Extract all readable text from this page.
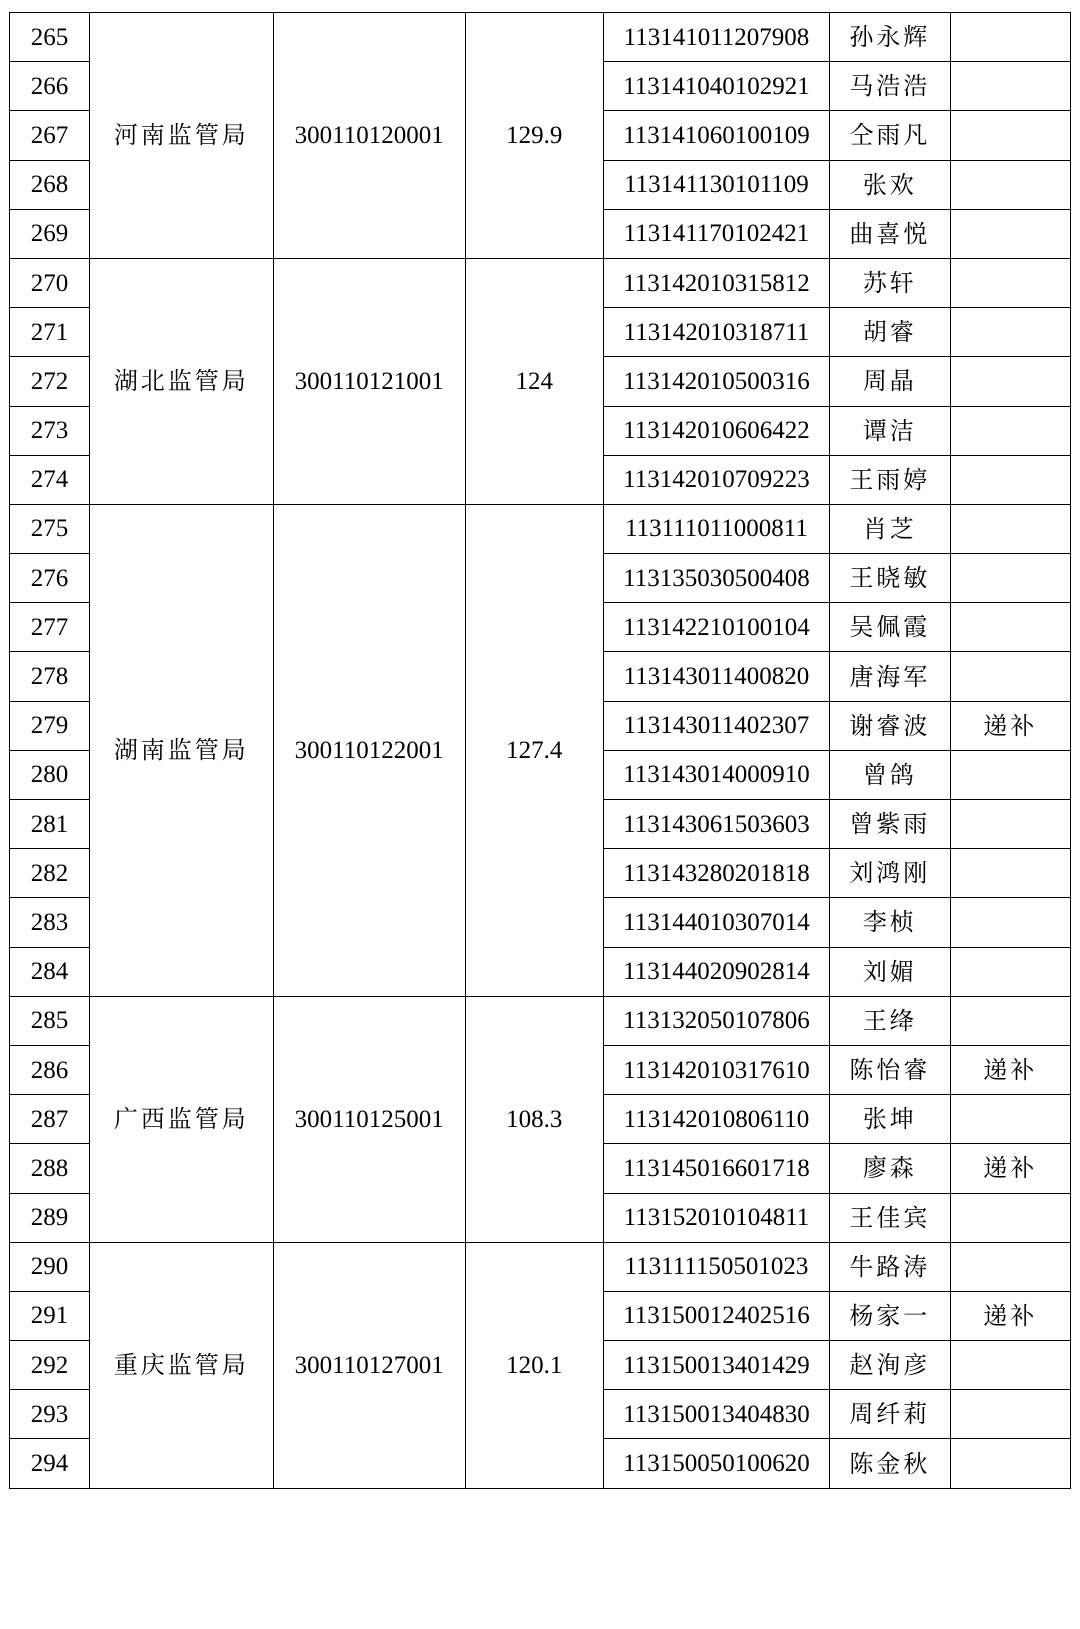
265	河南监管局	300110120001	129.9	113141011207908	孙永辉	
266				113141040102921	马浩浩	
267				113141060100109	仝雨凡	
268				113141130101109	张欢	
269				113141170102421	曲喜悦	
270	湖北监管局	300110121001	124	113142010315812	苏轩	
271				113142010318711	胡睿	
272				113142010500316	周晶	
273				113142010606422	谭洁	
274				113142010709223	王雨婷	
275	湖南监管局	300110122001	127.4	113111011000811	肖芝	
276				113135030500408	王晓敏	
277				113142210100104	吴佩霞	
278				113143011400820	唐海军	
279				113143011402307	谢睿波	递补
280				113143014000910	曾鸽	
281				113143061503603	曾紫雨	
282				113143280201818	刘鸿刚	
283				113144010307014	李桢	
284				113144020902814	刘媚	
285	广西监管局	300110125001	108.3	113132050107806	王绛	
286				113142010317610	陈怡睿	递补
287				113142010806110	张坤	
288				113145016601718	廖森	递补
289				113152010104811	王佳宾	
290	重庆监管局	300110127001	120.1	113111150501023	牛路涛	
291				113150012402516	杨家一	递补
292				113150013401429	赵洵彦	
293				113150013404830	周纤莉	
294				113150050100620	陈金秋	
